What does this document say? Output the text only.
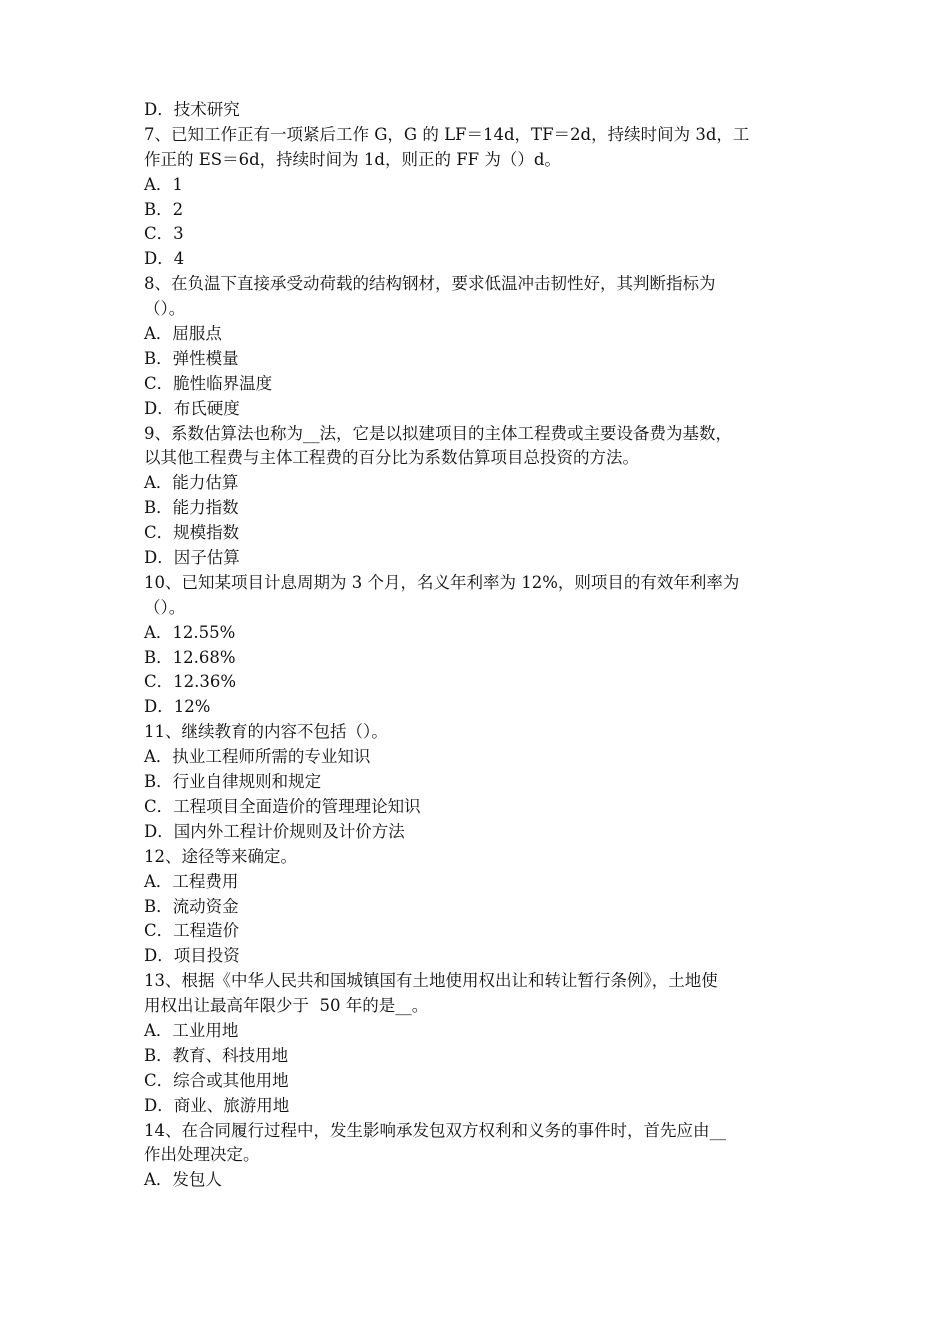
D．技术研究
7、已知工作正有一项紧后工作 G，G 的 LF＝14d，TF＝2d，持续时间为 3d，工
作正的 ES＝6d，持续时间为 1d，则正的 FF 为（）d。
A．1
B．2
C．3
D．4
8、在负温下直接承受动荷载的结构钢材，要求低温冲击韧性好，其判断指标为
（）。
A．屈服点
B．弹性模量
C．脆性临界温度
D．布氏硬度
9、系数估算法也称为__法，它是以拟建项目的主体工程费或主要设备费为基数，
以其他工程费与主体工程费的百分比为系数估算项目总投资的方法。
A．能力估算
B．能力指数
C．规模指数
D．因子估算
10、已知某项目计息周期为 3 个月，名义年利率为 12%，则项目的有效年利率为
（）。
A．12.55%
B．12.68%
C．12.36%
D．12%
11、继续教育的内容不包括（）。
A．执业工程师所需的专业知识
B．行业自律规则和规定
C．工程项目全面造价的管理理论知识
D．国内外工程计价规则及计价方法
12、途径等来确定。
A．工程费用
B．流动资金
C．工程造价
D．项目投资
13、根据《中华人民共和国城镇国有土地使用权出让和转让暂行条例》，土地使
用权出让最高年限少于  50 年的是__。
A．工业用地
B．教育、科技用地
C．综合或其他用地
D．商业、旅游用地
14、在合同履行过程中，发生影响承发包双方权利和义务的事件时，首先应由__
作出处理决定。
A．发包人
